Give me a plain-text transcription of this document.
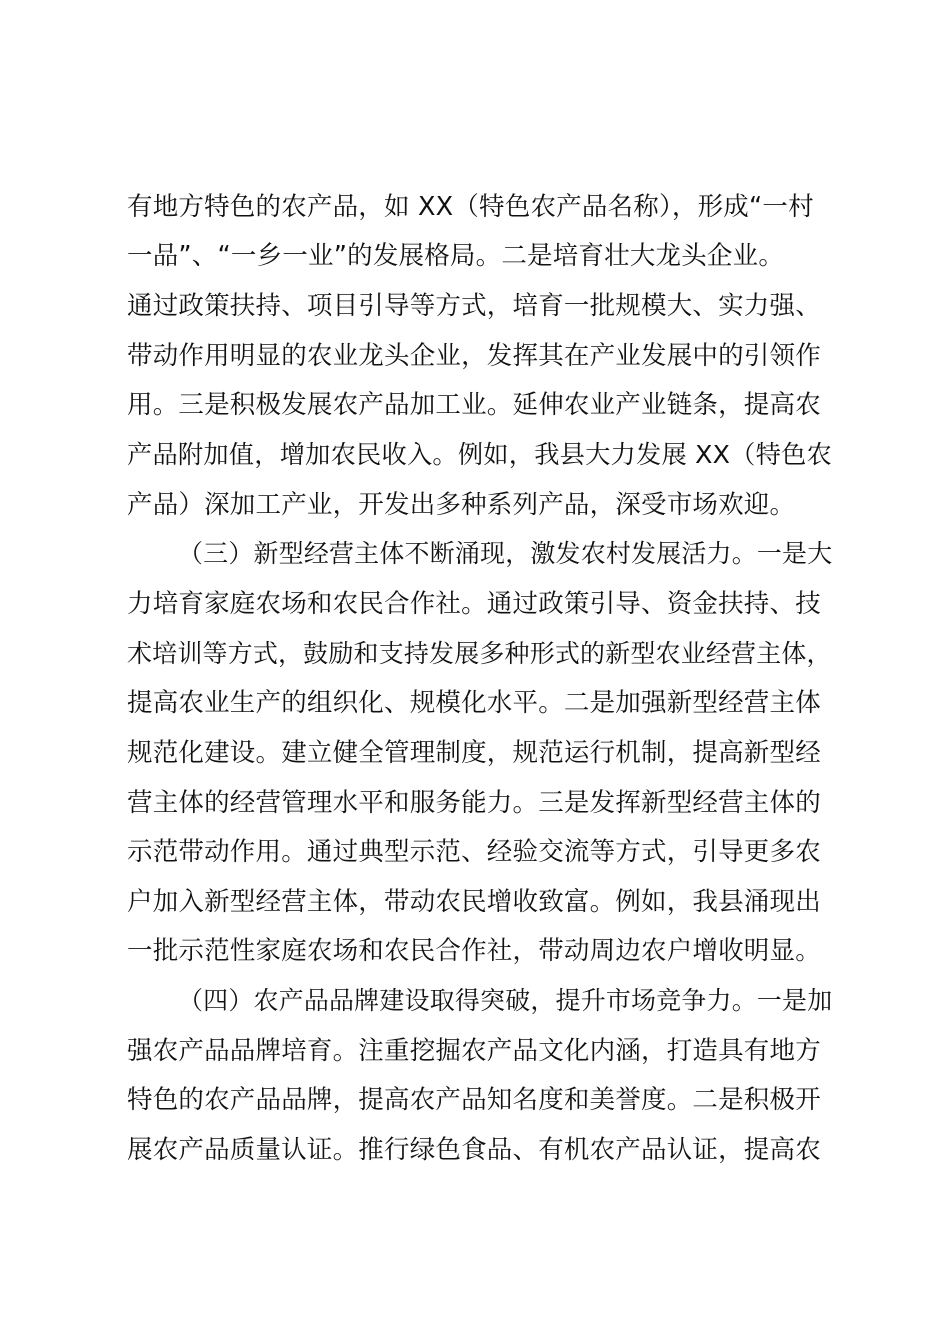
有地方特色的农产品，如 XX（特色农产品名称），形成“一村
一品”、“一乡一业”的发展格局。二是培育壮大龙头企业。
通过政策扶持、项目引导等方式，培育一批规模大、实力强、
带动作用明显的农业龙头企业，发挥其在产业发展中的引领作
用。三是积极发展农产品加工业。延伸农业产业链条，提高农
产品附加值，增加农民收入。例如，我县大力发展 XX（特色农
产品）深加工产业，开发出多种系列产品，深受市场欢迎。
（三）新型经营主体不断涌现，激发农村发展活力。一是大
力培育家庭农场和农民合作社。通过政策引导、资金扶持、技
术培训等方式，鼓励和支持发展多种形式的新型农业经营主体，
提高农业生产的组织化、规模化水平。二是加强新型经营主体
规范化建设。建立健全管理制度，规范运行机制，提高新型经
营主体的经营管理水平和服务能力。三是发挥新型经营主体的
示范带动作用。通过典型示范、经验交流等方式，引导更多农
户加入新型经营主体，带动农民增收致富。例如，我县涌现出
一批示范性家庭农场和农民合作社，带动周边农户增收明显。
（四）农产品品牌建设取得突破，提升市场竞争力。一是加
强农产品品牌培育。注重挖掘农产品文化内涵，打造具有地方
特色的农产品品牌，提高农产品知名度和美誉度。二是积极开
展农产品质量认证。推行绿色食品、有机农产品认证，提高农
